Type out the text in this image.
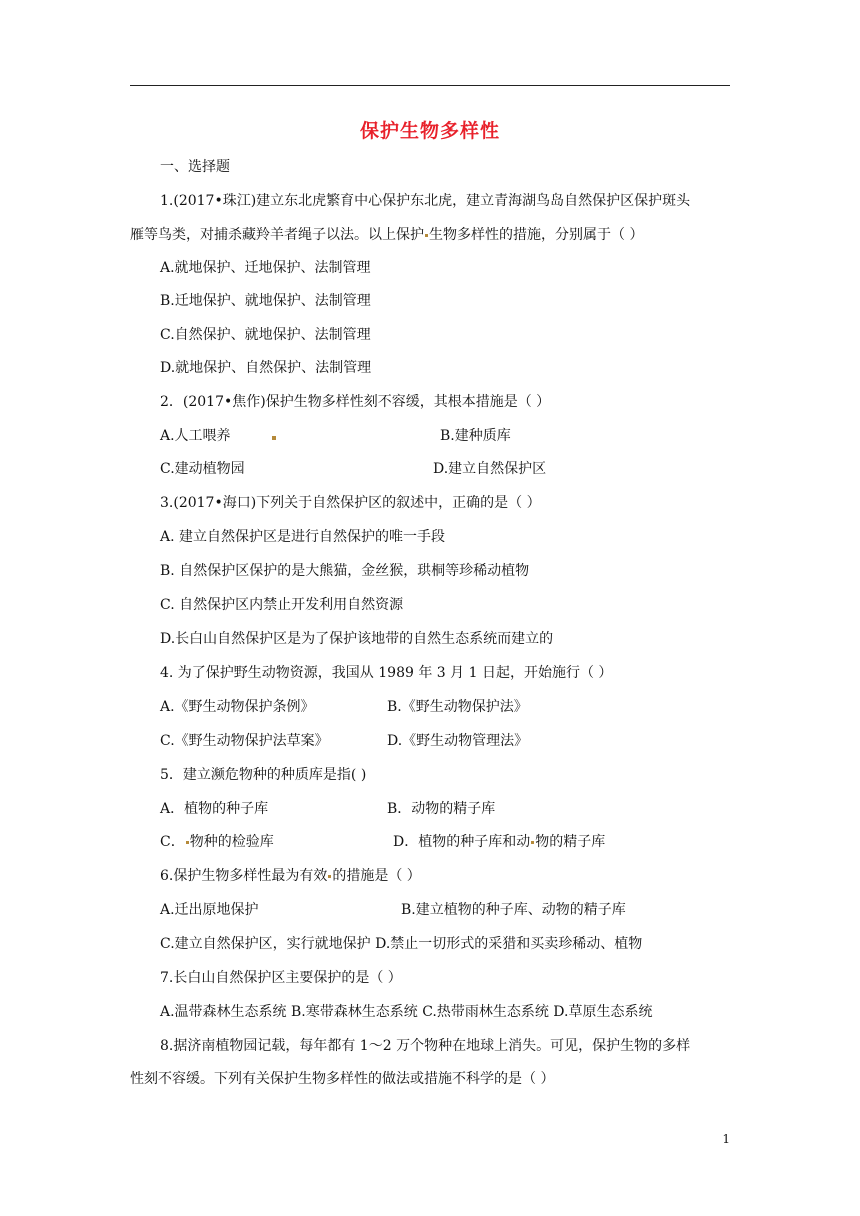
保护生物多样性
一、选择题
1.(2017•珠江)建立东北虎繁育中心保护东北虎，建立青海湖鸟岛自然保护区保护斑头
雁等鸟类，对捕杀藏羚羊者绳子以法。以上保护 生物多样性的措施，分别属于（ ）
A.就地保护、迁地保护、法制管理
B.迁地保护、就地保护、法制管理
C.自然保护、就地保护、法制管理
D.就地保护、自然保护、法制管理
2．(2017•焦作)保护生物多样性刻不容缓，其根本措施是（ ）
A.人工喂养	B.建种质库
C.建动植物园	D.建立自然保护区
3.(2017•海口)下列关于自然保护区的叙述中，正确的是（ ）
A. 建立自然保护区是进行自然保护的唯一手段
B. 自然保护区保护的是大熊猫，金丝猴，珙桐等珍稀动植物
C. 自然保护区内禁止开发利用自然资源
D.长白山自然保护区是为了保护该地带的自然生态系统而建立的
4. 为了保护野生动物资源，我国从 1989 年 3 月 1 日起，开始施行（ ）
A.《野生动物保护条例》	B.《野生动物保护法》
C.《野生动物保护法草案》	D.《野生动物管理法》
5．建立濒危物种的种质库是指( )
A．植物的种子库	B．动物的精子库
C． 物种的检验库	D．植物的种子库和动 物的精子库
6.保护生物多样性最为有效 的措施是（ ）
A.迁出原地保护	B.建立植物的种子库、动物的精子库
C.建立自然保护区，实行就地保护 D.禁止一切形式的采猎和买卖珍稀动、植物
7.长白山自然保护区主要保护的是（ ）
A.温带森林生态系统 B.寒带森林生态系统 C.热带雨林生态系统 D.草原生态系统
8.据济南植物园记载，每年都有 1～2 万个物种在地球上消失。可见，保护生物的多样
性刻不容缓。下列有关保护生物多样性的做法或措施不科学的是（ ）
1
